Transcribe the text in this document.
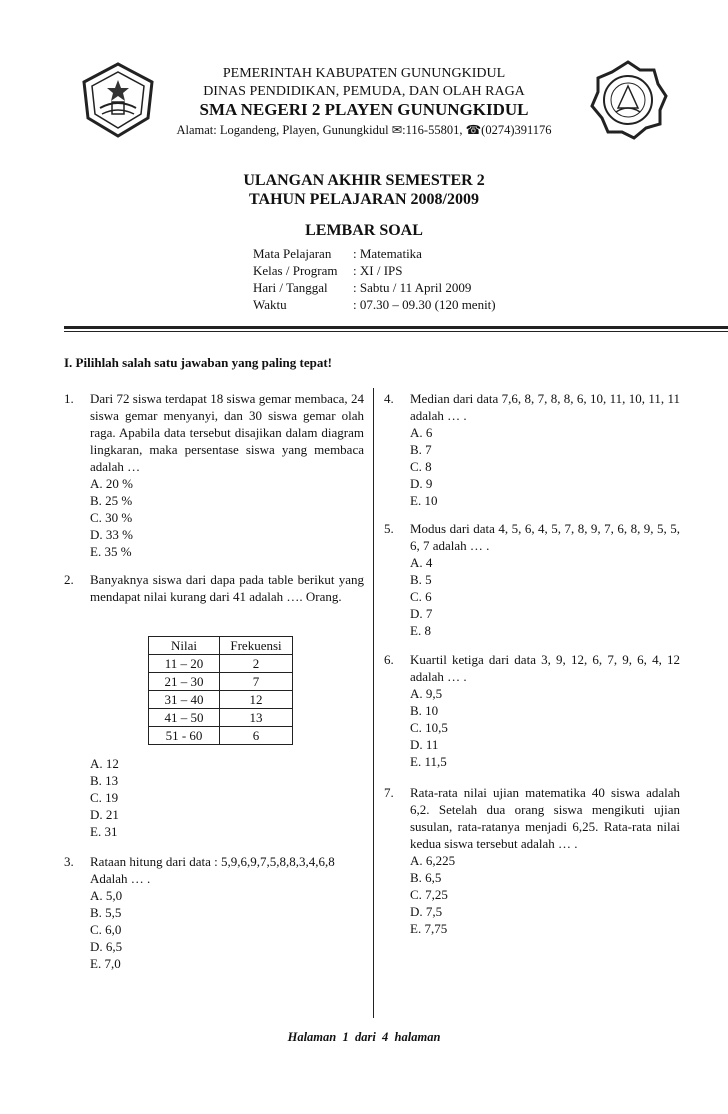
PEMERINTAH KABUPATEN GUNUNGKIDUL
DINAS PENDIDIKAN, PEMUDA, DAN OLAH RAGA
SMA NEGERI 2 PLAYEN GUNUNGKIDUL
Alamat: Logandeng, Playen, Gunungkidul ✉:116-55801, ☎(0274)391176
ULANGAN AKHIR SEMESTER 2
TAHUN PELAJARAN 2008/2009
LEMBAR SOAL
Mata Pelajaran : Matematika
Kelas / Program : XI / IPS
Hari / Tanggal : Sabtu / 11 April 2009
Waktu	: 07.30 – 09.30 (120 menit)
I. Pilihlah salah satu jawaban yang paling tepat!
1. Dari 72 siswa terdapat 18 siswa gemar membaca, 24 siswa gemar menyanyi, dan 30 siswa gemar olah raga. Apabila data tersebut disajikan dalam diagram lingkaran, maka persentase siswa yang membaca adalah …
A. 20 %
B. 25 %
C. 30 %
D. 33 %
E. 35 %
2. Banyaknya siswa dari dapa pada table berikut yang mendapat nilai kurang dari 41 adalah …. Orang.
Nilai	Frekuensi
11 – 20	2
21 – 30	7
31 – 40	12
41 – 50	13
51 - 60	6
A. 12
B. 13
C. 19
D. 21
E. 31
3. Rataan hitung dari data : 5,9,6,9,7,5,8,8,3,4,6,8 Adalah … .
A. 5,0
B. 5,5
C. 6,0
D. 6,5
E. 7,0
4. Median dari data 7,6, 8, 7, 8, 8, 6, 10, 11, 10, 11, 11 adalah … .
A. 6
B. 7
C. 8
D. 9
E. 10
5. Modus dari data 4, 5, 6, 4, 5, 7, 8, 9, 7, 6, 8, 9, 5, 5, 6, 7 adalah … .
A. 4
B. 5
C. 6
D. 7
E. 8
6. Kuartil ketiga dari data 3, 9, 12, 6, 7, 9, 6, 4, 12 adalah … .
A. 9,5
B. 10
C. 10,5
D. 11
E. 11,5
7. Rata-rata nilai ujian matematika 40 siswa adalah 6,2. Setelah dua orang siswa mengikuti ujian susulan, rata-ratanya menjadi 6,25. Rata-rata nilai kedua siswa tersebut adalah … .
A. 6,225
B. 6,5
C. 7,25
D. 7,5
E. 7,75
Halaman  1  dari  4  halaman
